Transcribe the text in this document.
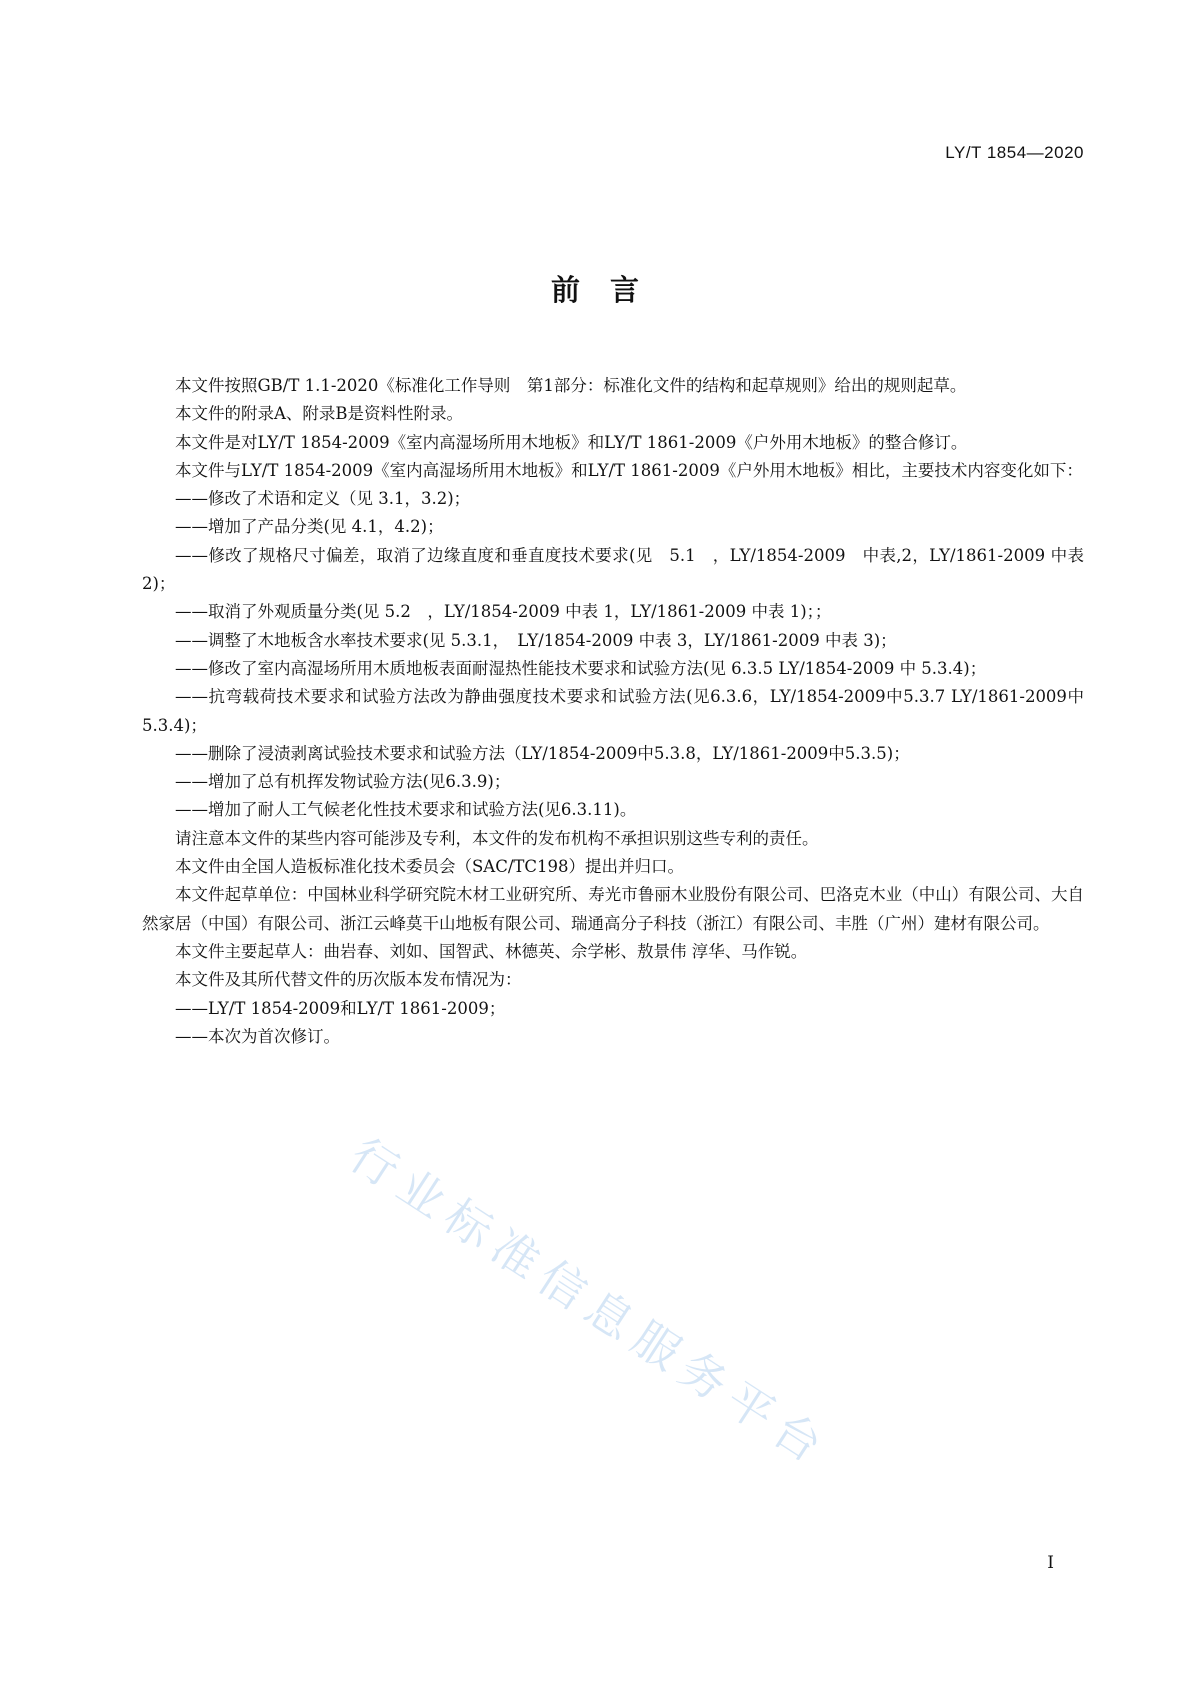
LY/T 1854—2020
前言

本文件按照GB/T 1.1-2020《标准化工作导则　第1部分：标准化文件的结构和起草规则》给出的规则起草。

本文件的附录A、附录B是资料性附录。

本文件是对LY/T 1854-2009《室内高湿场所用木地板》和LY/T 1861-2009《户外用木地板》的整合修订。

本文件与LY/T 1854-2009《室内高湿场所用木地板》和LY/T 1861-2009《户外用木地板》相比，主要技术内容变化如下：

——修改了术语和定义（见 3.1，3.2)；

——增加了产品分类(见 4.1，4.2)；

——修改了规格尺寸偏差，取消了边缘直度和垂直度技术要求(见　5.1　，LY/1854-2009　中表,2，LY/1861-2009 中表 2)；

——取消了外观质量分类(见 5.2　，LY/1854-2009 中表 1，LY/1861-2009 中表 1)；；

——调整了木地板含水率技术要求(见 5.3.1，　LY/1854-2009 中表 3，LY/1861-2009 中表 3)；

——修改了室内高湿场所用木质地板表面耐湿热性能技术要求和试验方法(见 6.3.5 LY/1854-2009 中 5.3.4)；

——抗弯载荷技术要求和试验方法改为静曲强度技术要求和试验方法(见6.3.6，LY/1854-2009中5.3.7 LY/1861-2009中5.3.4)；

——删除了浸渍剥离试验技术要求和试验方法（LY/1854-2009中5.3.8，LY/1861-2009中5.3.5)；

——增加了总有机挥发物试验方法(见6.3.9)；

——增加了耐人工气候老化性技术要求和试验方法(见6.3.11)。

请注意本文件的某些内容可能涉及专利，本文件的发布机构不承担识别这些专利的责任。

本文件由全国人造板标准化技术委员会（SAC/TC198）提出并归口。

本文件起草单位：中国林业科学研究院木材工业研究所、寿光市鲁丽木业股份有限公司、巴洛克木业（中山）有限公司、大自然家居（中国）有限公司、浙江云峰莫干山地板有限公司、瑞通高分子科技（浙江）有限公司、丰胜（广州）建材有限公司。

本文件主要起草人：曲岩春、刘如、国智武、林德英、佘学彬、敖景伟 淳华、马作锐。

本文件及其所代替文件的历次版本发布情况为：

——LY/T 1854-2009和LY/T 1861-2009；

——本次为首次修订。

行业标准信息服务平台
I
